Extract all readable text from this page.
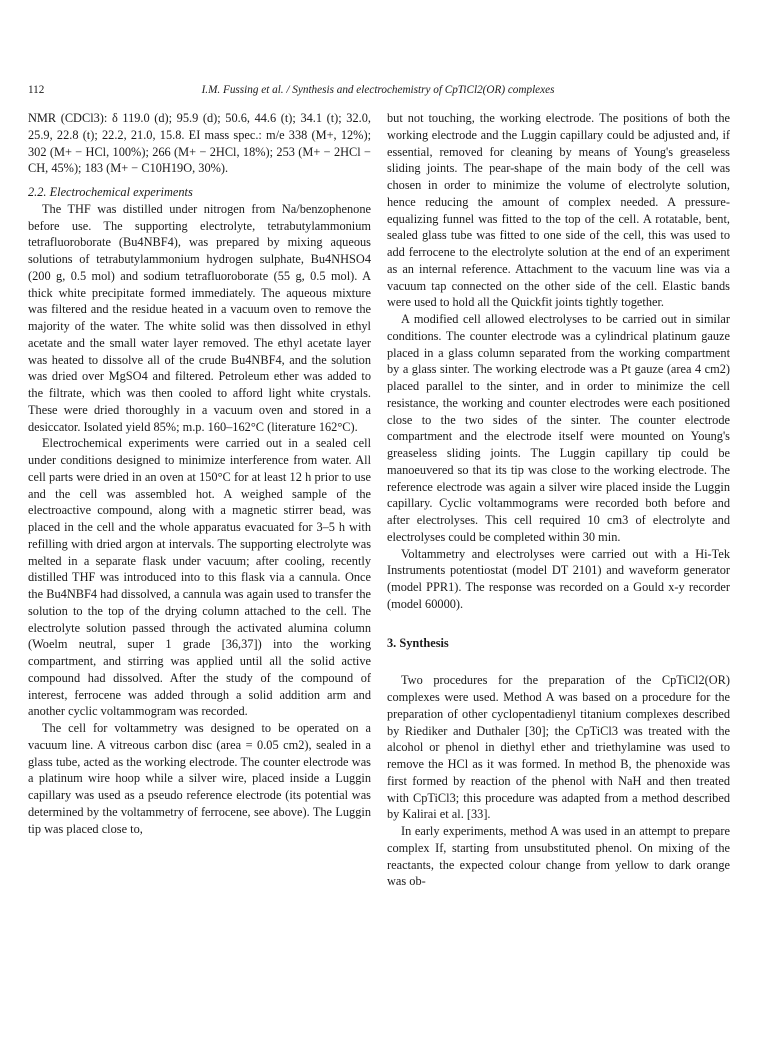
112	I.M. Fussing et al. / Synthesis and electrochemistry of CpTiCl2(OR) complexes

NMR (CDCl3): δ 119.0 (d); 95.9 (d); 50.6, 44.6 (t); 34.1 (t); 32.0, 25.9, 22.8 (t); 22.2, 21.0, 15.8. EI mass spec.: m/e 338 (M+, 12%); 302 (M+ − HCl, 100%); 266 (M+ − 2HCl, 18%); 253 (M+ − 2HCl − CH, 45%); 183 (M+ − C10H19O, 30%).

2.2. Electrochemical experiments

The THF was distilled under nitrogen from Na/benzophenone before use. The supporting electrolyte, tetrabutylammonium tetrafluoroborate (Bu4NBF4), was prepared by mixing aqueous solutions of tetrabutylammonium hydrogen sulphate, Bu4NHSO4 (200 g, 0.5 mol) and sodium tetrafluoroborate (55 g, 0.5 mol). A thick white precipitate formed immediately. The aqueous mixture was filtered and the residue heated in a vacuum oven to remove the majority of the water. The white solid was then dissolved in ethyl acetate and the small water layer removed. The ethyl acetate layer was heated to dissolve all of the crude Bu4NBF4, and the solution was dried over MgSO4 and filtered. Petroleum ether was added to the filtrate, which was then cooled to afford light white crystals. These were dried thoroughly in a vacuum oven and stored in a desiccator. Isolated yield 85%; m.p. 160–162°C (literature 162°C).

Electrochemical experiments were carried out in a sealed cell under conditions designed to minimize interference from water. All cell parts were dried in an oven at 150°C for at least 12 h prior to use and the cell was assembled hot. A weighed sample of the electroactive compound, along with a magnetic stirrer bead, was placed in the cell and the whole apparatus evacuated for 3–5 h with refilling with dried argon at intervals. The supporting electrolyte was melted in a separate flask under vacuum; after cooling, recently distilled THF was introduced into to this flask via a cannula. Once the Bu4NBF4 had dissolved, a cannula was again used to transfer the solution to the top of the drying column attached to the cell. The electrolyte solution passed through the activated alumina column (Woelm neutral, super 1 grade [36,37]) into the working compartment, and stirring was applied until all the solid active compound had dissolved. After the study of the compound of interest, ferrocene was added through a solid addition arm and another cyclic voltammogram was recorded.

The cell for voltammetry was designed to be operated on a vacuum line. A vitreous carbon disc (area = 0.05 cm2), sealed in a glass tube, acted as the working electrode. The counter electrode was a platinum wire hoop while a silver wire, placed inside a Luggin capillary was used as a pseudo reference electrode (its potential was determined by the voltammetry of ferrocene, see above). The Luggin tip was placed close to,

but not touching, the working electrode. The positions of both the working electrode and the Luggin capillary could be adjusted and, if essential, removed for cleaning by means of Young's greaseless sliding joints. The pear-shape of the main body of the cell was chosen in order to minimize the volume of electrolyte solution, hence reducing the amount of complex needed. A pressure-equalizing funnel was fitted to the top of the cell. A rotatable, bent, sealed glass tube was fitted to one side of the cell, this was used to add ferrocene to the electrolyte solution at the end of an experiment as an internal reference. Attachment to the vacuum line was via a vacuum tap connected on the other side of the cell. Elastic bands were used to hold all the Quickfit joints tightly together.

A modified cell allowed electrolyses to be carried out in similar conditions. The counter electrode was a cylindrical platinum gauze placed in a glass column separated from the working compartment by a glass sinter. The working electrode was a Pt gauze (area 4 cm2) placed parallel to the sinter, and in order to minimize the cell resistance, the working and counter electrodes were each positioned close to the two sides of the sinter. The counter electrode compartment and the electrode itself were mounted on Young's greaseless sliding joints. The Luggin capillary tip could be manoeuvered so that its tip was close to the working electrode. The reference electrode was again a silver wire placed inside the Luggin capillary. Cyclic voltammograms were recorded both before and after electrolyses. This cell required 10 cm3 of electrolyte and electrolyses could be completed within 30 min.

Voltammetry and electrolyses were carried out with a Hi-Tek Instruments potentiostat (model DT 2101) and waveform generator (model PPR1). The response was recorded on a Gould x-y recorder (model 60000).

3. Synthesis

Two procedures for the preparation of the CpTiCl2(OR) complexes were used. Method A was based on a procedure for the preparation of other cyclopentadienyl titanium complexes described by Riediker and Duthaler [30]; the CpTiCl3 was treated with the alcohol or phenol in diethyl ether and triethylamine was used to remove the HCl as it was formed. In method B, the phenoxide was first formed by reaction of the phenol with NaH and then treated with CpTiCl3; this procedure was adapted from a method described by Kalirai et al. [33].

In early experiments, method A was used in an attempt to prepare complex If, starting from unsubstituted phenol. On mixing of the reactants, the expected colour change from yellow to dark orange was ob-
